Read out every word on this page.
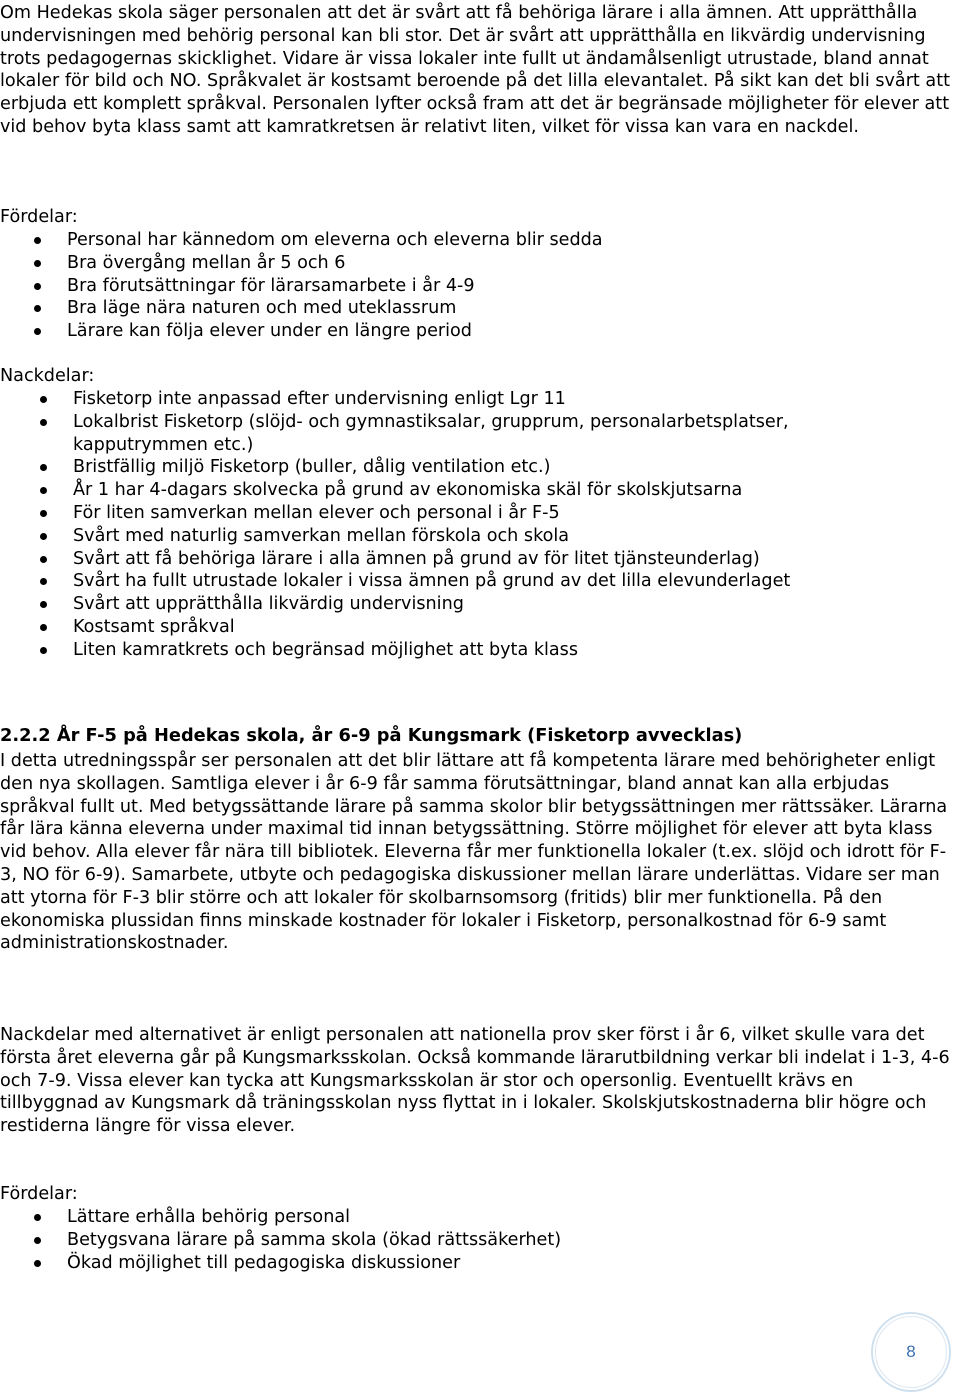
Om Hedekas skola säger personalen att det är svårt att få behöriga lärare i alla ämnen. Att upprätthålla undervisningen med behörig personal kan bli stor. Det är svårt att upprätthålla en likvärdig undervisning trots pedagogernas skicklighet. Vidare är vissa lokaler inte fullt ut ändamålsenligt utrustade, bland annat lokaler för bild och NO. Språkvalet är kostsamt beroende på det lilla elevantalet. På sikt kan det bli svårt att erbjuda ett komplett språkval. Personalen lyfter också fram att det är begränsade möjligheter för elever att vid behov byta klass samt att kamratkretsen är relativt liten, vilket för vissa kan vara en nackdel.

Fördelar:
Personal har kännedom om eleverna och eleverna blir sedda
Bra övergång mellan år 5 och 6
Bra förutsättningar för lärarsamarbete i år 4-9
Bra läge nära naturen och med uteklassrum
Lärare kan följa elever under en längre period
Nackdelar:
Fisketorp inte anpassad efter undervisning enligt Lgr 11
Lokalbrist Fisketorp (slöjd- och gymnastiksalar, grupprum, personalarbetsplatser, kapputrymmen etc.)
Bristfällig miljö Fisketorp (buller, dålig ventilation etc.)
År 1 har 4-dagars skolvecka på grund av ekonomiska skäl för skolskjutsarna
För liten samverkan mellan elever och personal i år F-5
Svårt med naturlig samverkan mellan förskola och skola
Svårt att få behöriga lärare i alla ämnen på grund av för litet tjänsteunderlag)
Svårt ha fullt utrustade lokaler i vissa ämnen på grund av det lilla elevunderlaget
Svårt att upprätthålla likvärdig undervisning
Kostsamt språkval
Liten kamratkrets och begränsad möjlighet att byta klass
2.2.2 År F-5 på Hedekas skola, år 6-9 på Kungsmark (Fisketorp avvecklas)

I detta utredningsspår ser personalen att det blir lättare att få kompetenta lärare med behörigheter enligt den nya skollagen. Samtliga elever i år 6-9 får samma förutsättningar, bland annat kan alla erbjudas språkval fullt ut. Med betygssättande lärare på samma skolor blir betygssättningen mer rättssäker. Lärarna får lära känna eleverna under maximal tid innan betygssättning. Större möjlighet för elever att byta klass vid behov. Alla elever får nära till bibliotek. Eleverna får mer funktionella lokaler (t.ex. slöjd och idrott för F-3, NO för 6-9). Samarbete, utbyte och pedagogiska diskussioner mellan lärare underlättas. Vidare ser man att ytorna för F-3 blir större och att lokaler för skolbarnsomsorg (fritids) blir mer funktionella. På den ekonomiska plussidan finns minskade kostnader för lokaler i Fisketorp, personalkostnad för 6-9 samt administrationskostnader.

Nackdelar med alternativet är enligt personalen att nationella prov sker först i år 6, vilket skulle vara det första året eleverna går på Kungsmarksskolan. Också kommande lärarutbildning verkar bli indelat i 1-3, 4-6 och 7-9. Vissa elever kan tycka att Kungsmarksskolan är stor och opersonlig. Eventuellt krävs en tillbyggnad av Kungsmark då träningsskolan nyss flyttat in i lokaler. Skolskjutskostnaderna blir högre och restiderna längre för vissa elever.

Fördelar:
Lättare erhålla behörig personal
Betygsvana lärare på samma skola (ökad rättssäkerhet)
Ökad möjlighet till pedagogiska diskussioner
8
